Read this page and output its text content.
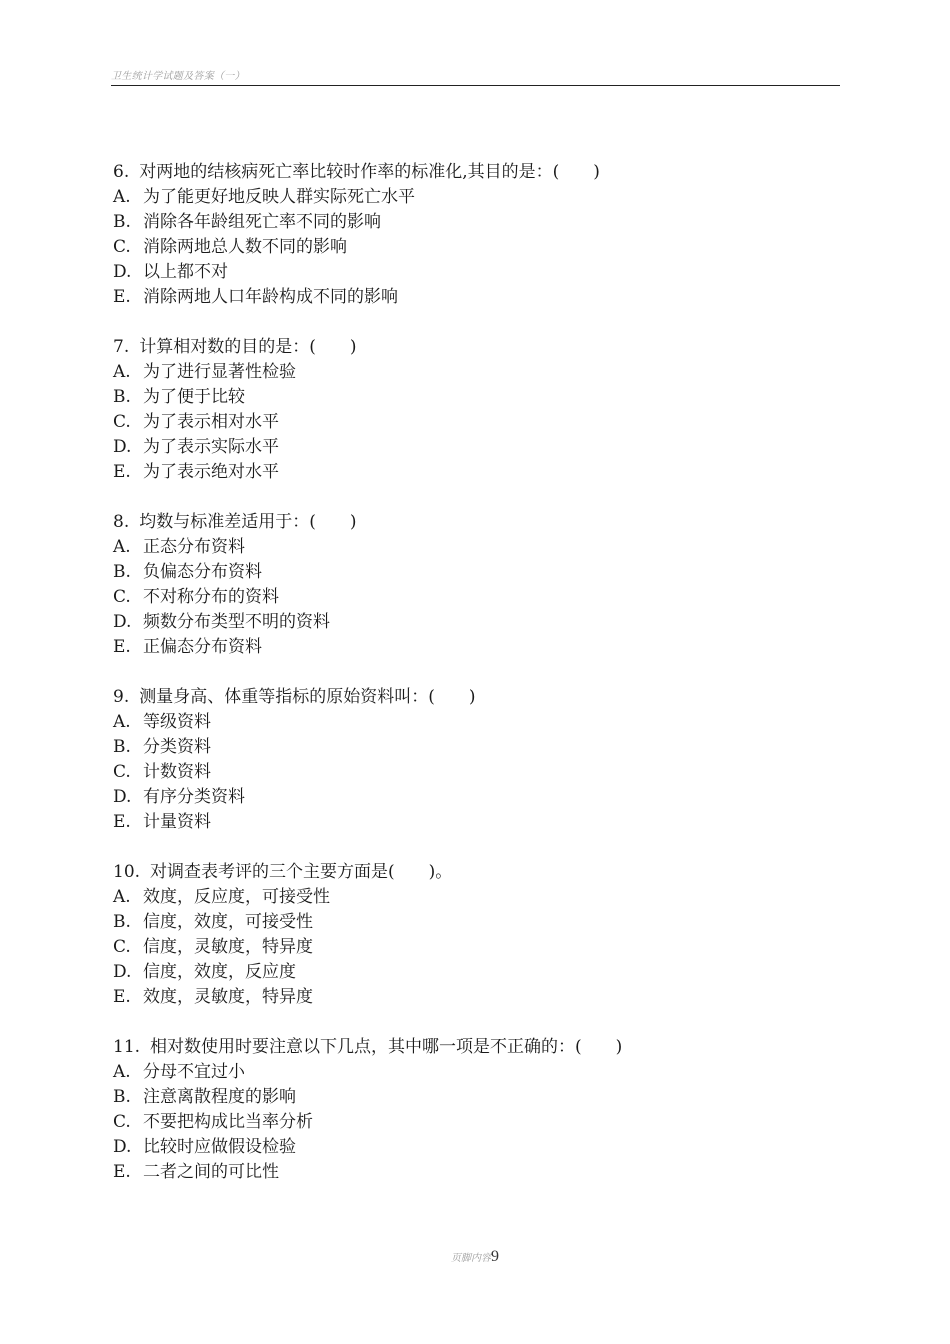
卫生统计学试题及答案（一）
6. 对两地的结核病死亡率比较时作率的标准化,其目的是：(　　)
A. 为了能更好地反映人群实际死亡水平
B. 消除各年龄组死亡率不同的影响
C. 消除两地总人数不同的影响
D. 以上都不对
E. 消除两地人口年龄构成不同的影响
7. 计算相对数的目的是：(　　)
A. 为了进行显著性检验
B. 为了便于比较
C. 为了表示相对水平
D. 为了表示实际水平
E. 为了表示绝对水平
8. 均数与标准差适用于：(　　)
A. 正态分布资料
B. 负偏态分布资料
C. 不对称分布的资料
D. 频数分布类型不明的资料
E. 正偏态分布资料
9. 测量身高、体重等指标的原始资料叫：(　　)
A. 等级资料
B. 分类资料
C. 计数资料
D. 有序分类资料
E. 计量资料
10. 对调查表考评的三个主要方面是(　　)。
A. 效度，反应度，可接受性
B. 信度，效度，可接受性
C. 信度，灵敏度，特异度
D. 信度，效度，反应度
E. 效度，灵敏度，特异度
11. 相对数使用时要注意以下几点，其中哪一项是不正确的：(　　)
A. 分母不宜过小
B. 注意离散程度的影响
C. 不要把构成比当率分析
D. 比较时应做假设检验
E. 二者之间的可比性
页脚内容9
